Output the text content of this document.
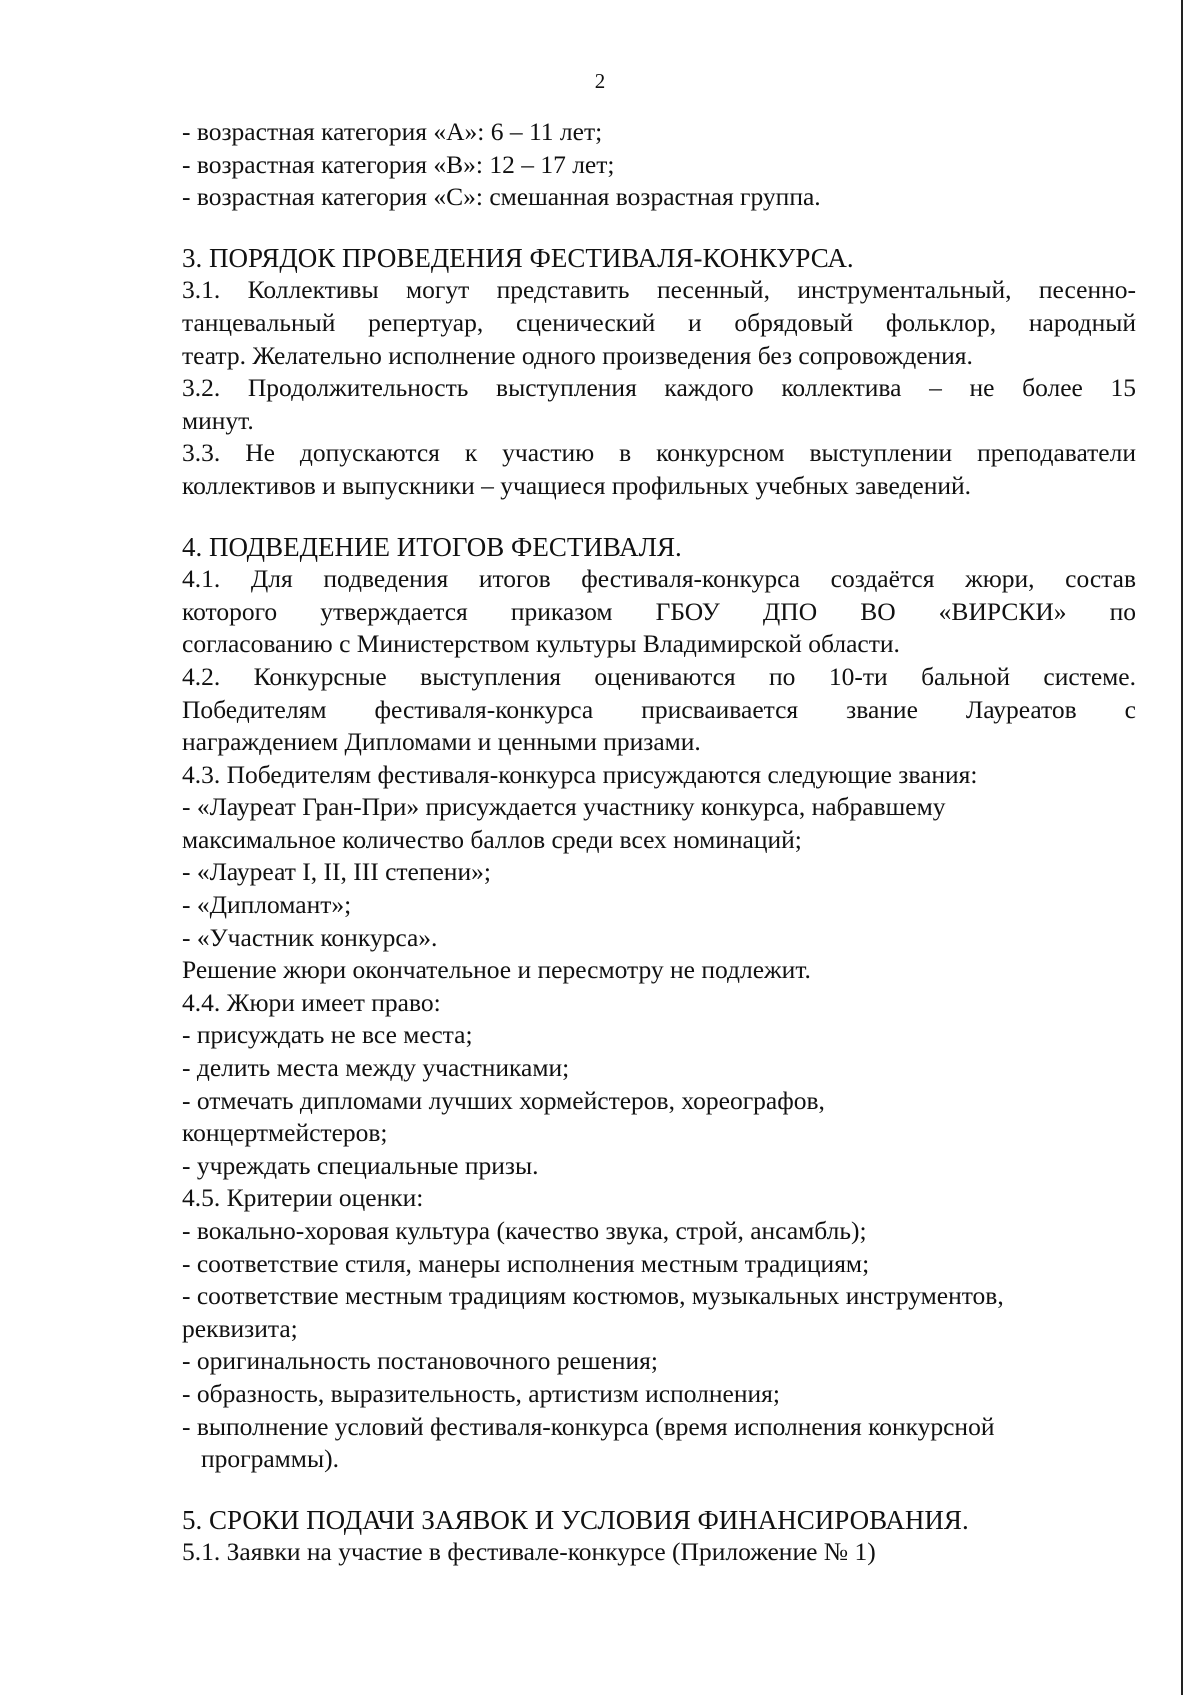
2
- возрастная категория «А»: 6 – 11 лет;
- возрастная категория «В»: 12 – 17 лет;
- возрастная категория «С»: смешанная возрастная группа.
3. ПОРЯДОК ПРОВЕДЕНИЯ ФЕСТИВАЛЯ-КОНКУРСА.
3.1. Коллективы могут представить песенный, инструментальный, песенно-
танцевальный репертуар, сценический и обрядовый фольклор, народный
театр. Желательно исполнение одного произведения без сопровождения.
3.2. Продолжительность выступления каждого коллектива – не более 15
минут.
3.3. Не допускаются к участию в конкурсном выступлении преподаватели
коллективов и выпускники – учащиеся профильных учебных заведений.
4. ПОДВЕДЕНИЕ ИТОГОВ ФЕСТИВАЛЯ.
4.1. Для подведения итогов фестиваля-конкурса создаётся жюри, состав
которого утверждается приказом ГБОУ ДПО ВО «ВИРСКИ» по
согласованию с Министерством культуры Владимирской области.
4.2. Конкурсные выступления оцениваются по 10-ти бальной системе.
Победителям фестиваля-конкурса присваивается звание Лауреатов с
награждением Дипломами и ценными призами.
4.3. Победителям фестиваля-конкурса присуждаются следующие звания:
- «Лауреат Гран-При» присуждается участнику конкурса, набравшему
максимальное количество баллов среди всех номинаций;
- «Лауреат I, II, III степени»;
- «Дипломант»;
- «Участник конкурса».
Решение жюри окончательное и пересмотру не подлежит.
4.4. Жюри имеет право:
- присуждать не все места;
- делить места между участниками;
- отмечать дипломами лучших хормейстеров, хореографов,
концертмейстеров;
- учреждать специальные призы.
4.5. Критерии оценки:
- вокально-хоровая культура (качество звука, строй, ансамбль);
- соответствие стиля, манеры исполнения местным традициям;
- соответствие местным традициям костюмов, музыкальных инструментов,
реквизита;
- оригинальность постановочного решения;
- образность, выразительность, артистизм исполнения;
- выполнение условий фестиваля-конкурса (время исполнения конкурсной
программы).
5. СРОКИ ПОДАЧИ ЗАЯВОК И УСЛОВИЯ ФИНАНСИРОВАНИЯ.
5.1. Заявки на участие в фестивале-конкурсе (Приложение № 1)
